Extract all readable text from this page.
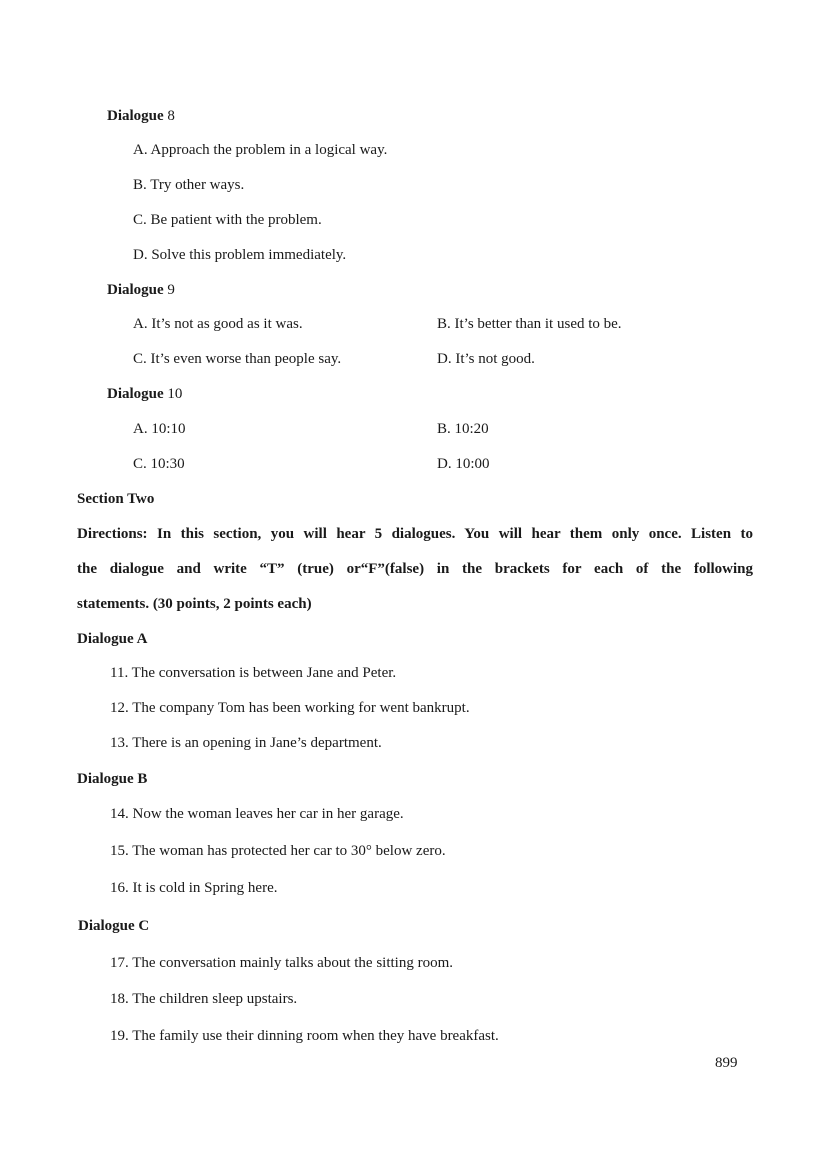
Dialogue 8
A. Approach the problem in a logical way.
B. Try other ways.
C. Be patient with the problem.
D. Solve this problem immediately.
Dialogue 9
A. It’s not as good as it was.	B. It’s better than it used to be.
C. It’s even worse than people say.	D. It’s not good.
Dialogue 10
A. 10:10	B. 10:20
C. 10:30	D. 10:00
Section Two
Directions: In this section, you will hear 5 dialogues. You will hear them only once. Listen to
the dialogue and write “T” (true) or“F”(false) in the brackets for each of the following
statements. (30 points, 2 points each)
Dialogue A
11. The conversation is between Jane and Peter.
12. The company Tom has been working for went bankrupt.
13. There is an opening in Jane’s department.
Dialogue B
14. Now the woman leaves her car in her garage.
15. The woman has protected her car to 30° below zero.
16. It is cold in Spring here.
Dialogue C
17. The conversation mainly talks about the sitting room.
18. The children sleep upstairs.
19. The family use their dinning room when they have breakfast.
899
